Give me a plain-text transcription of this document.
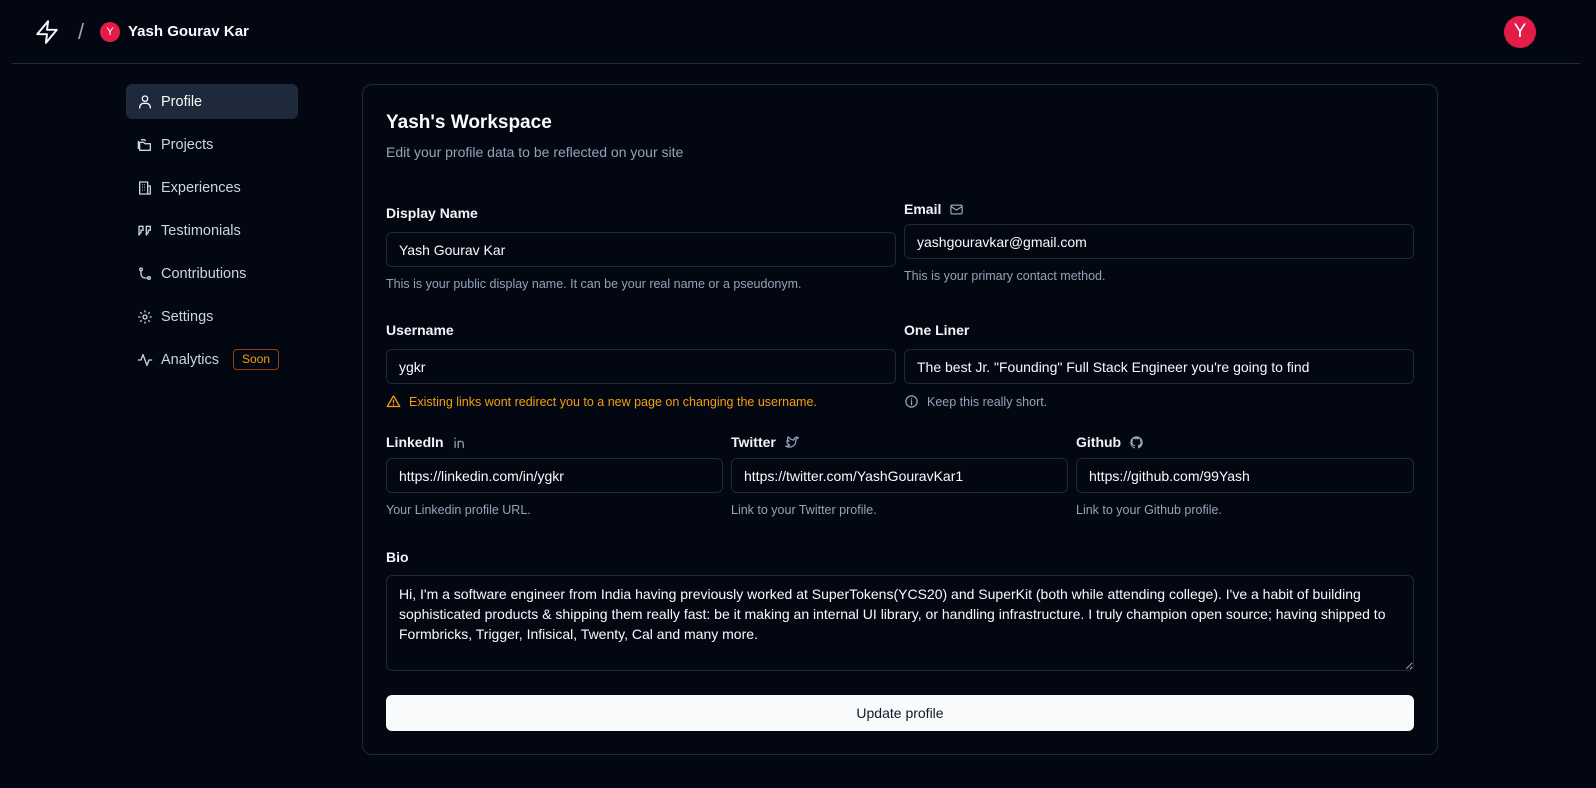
/	Y Yash Gourav Kar	Y
Profile
Projects
Experiences
Testimonials
Contributions
Settings
Analytics	Soon
Yash's Workspace

Edit your profile data to be reflected on your site

Display Name
Yash Gourav Kar

This is your public display name. It can be your real name or a pseudonym.

Email
yashgouravkar@gmail.com

This is your primary contact method.

Username
ygkr

Existing links wont redirect you to a new page on changing the username.

One Liner
The best Jr. "Founding" Full Stack Engineer you're going to find

Keep this really short.

LinkedIn
https://linkedin.com/in/ygkr

Your Linkedin profile URL.

Twitter
https://twitter.com/YashGouravKar1

Link to your Twitter profile.

Github
https://github.com/99Yash

Link to your Github profile.

Bio
Hi, I'm a software engineer from India having previously worked at SuperTokens(YCS20) and SuperKit (both while attending college). I've a habit of building sophisticated products & shipping them really fast: be it making an internal UI library, or handling infrastructure. I truly champion open source; having shipped to Formbricks, Trigger, Infisical, Twenty, Cal and many more.
Update profile
